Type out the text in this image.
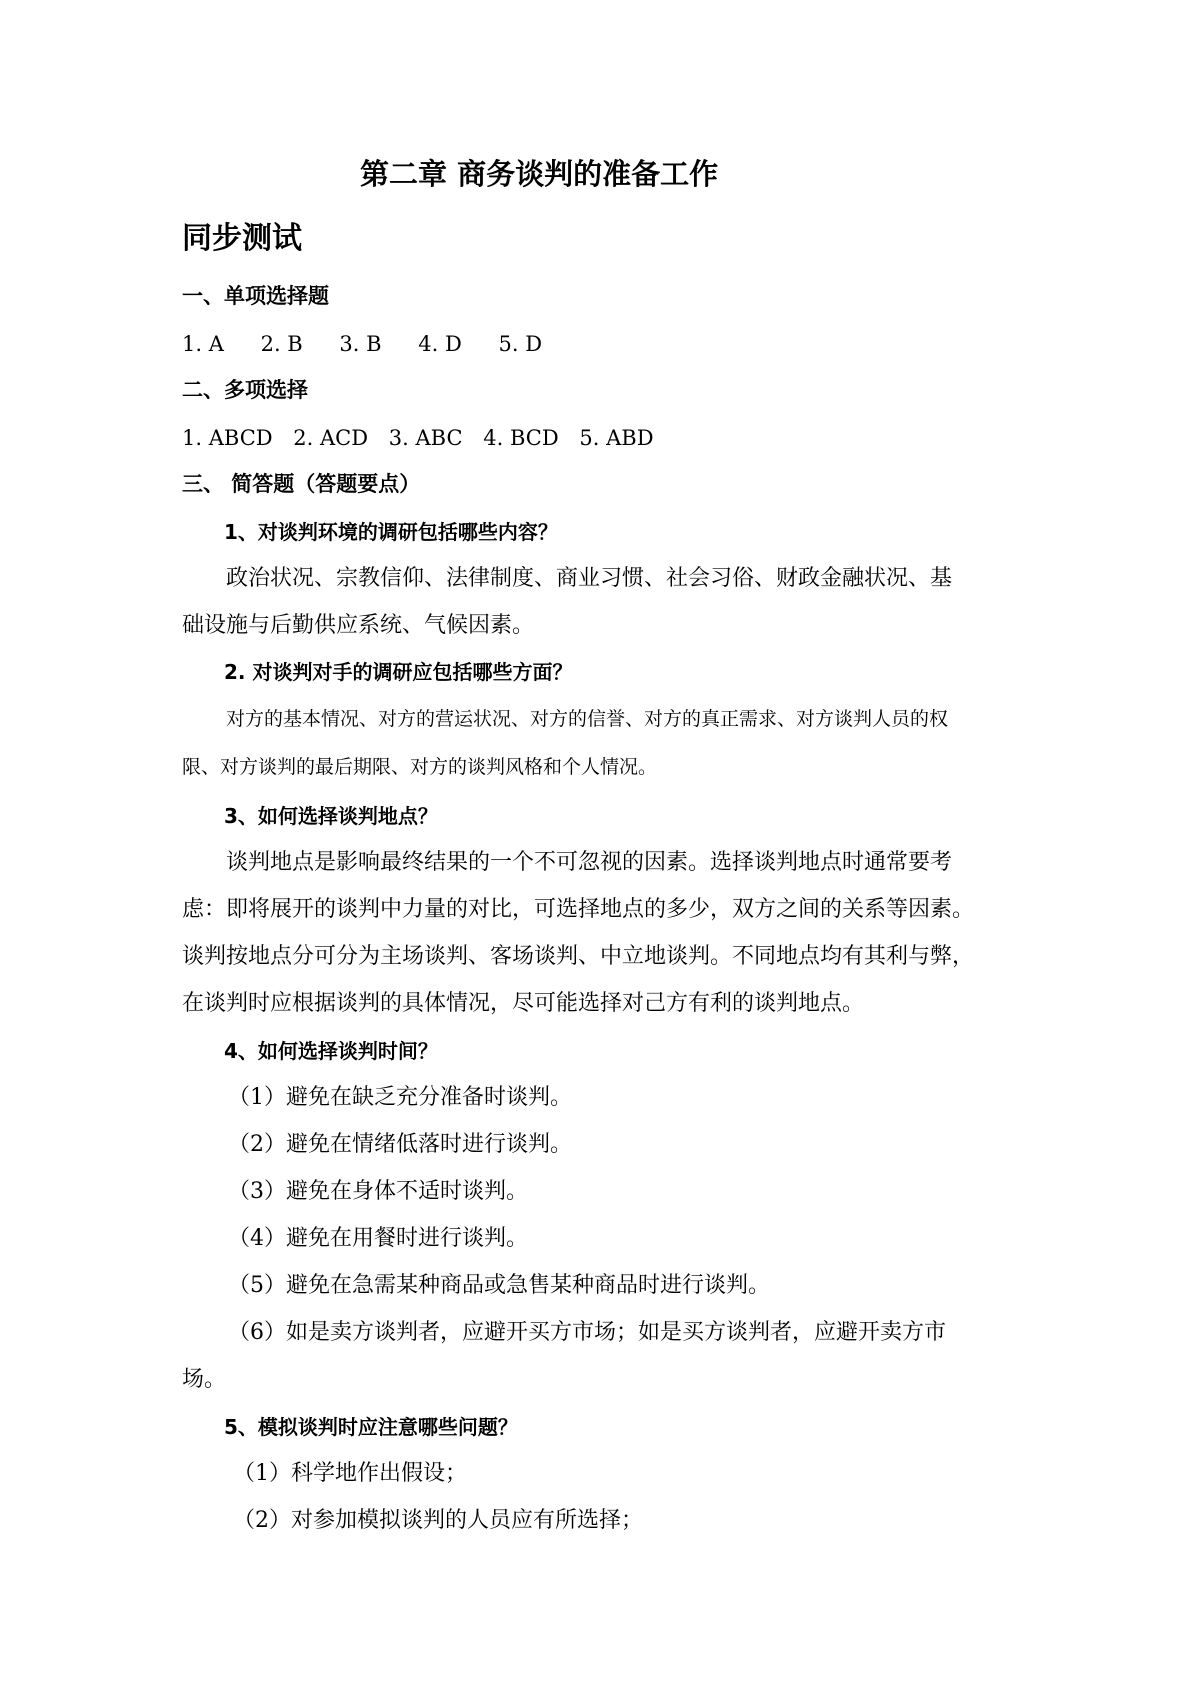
第二章 商务谈判的准备工作
同步测试
一、单项选择题
1. A 2. B 3. B 4. D 5. D
二、多项选择
1. ABCD 2. ACD 3. ABC 4. BCD 5. ABD
三、 简答题（答题要点）
1、对谈判环境的调研包括哪些内容？
政治状况、宗教信仰、法律制度、商业习惯、社会习俗、财政金融状况、基
础设施与后勤供应系统、气候因素。
2. 对谈判对手的调研应包括哪些方面？
对方的基本情况、对方的营运状况、对方的信誉、对方的真正需求、对方谈判人员的权
限、对方谈判的最后期限、对方的谈判风格和个人情况。
3、如何选择谈判地点？
谈判地点是影响最终结果的一个不可忽视的因素。选择谈判地点时通常要考
虑：即将展开的谈判中力量的对比，可选择地点的多少，双方之间的关系等因素。
谈判按地点分可分为主场谈判、客场谈判、中立地谈判。不同地点均有其利与弊，
在谈判时应根据谈判的具体情况，尽可能选择对己方有利的谈判地点。
4、如何选择谈判时间？
（1）避免在缺乏充分准备时谈判。
（2）避免在情绪低落时进行谈判。
（3）避免在身体不适时谈判。
（4）避免在用餐时进行谈判。
（5）避免在急需某种商品或急售某种商品时进行谈判。
（6）如是卖方谈判者，应避开买方市场；如是买方谈判者，应避开卖方市
场。
5、模拟谈判时应注意哪些问题？
（1）科学地作出假设；
（2）对参加模拟谈判的人员应有所选择；
